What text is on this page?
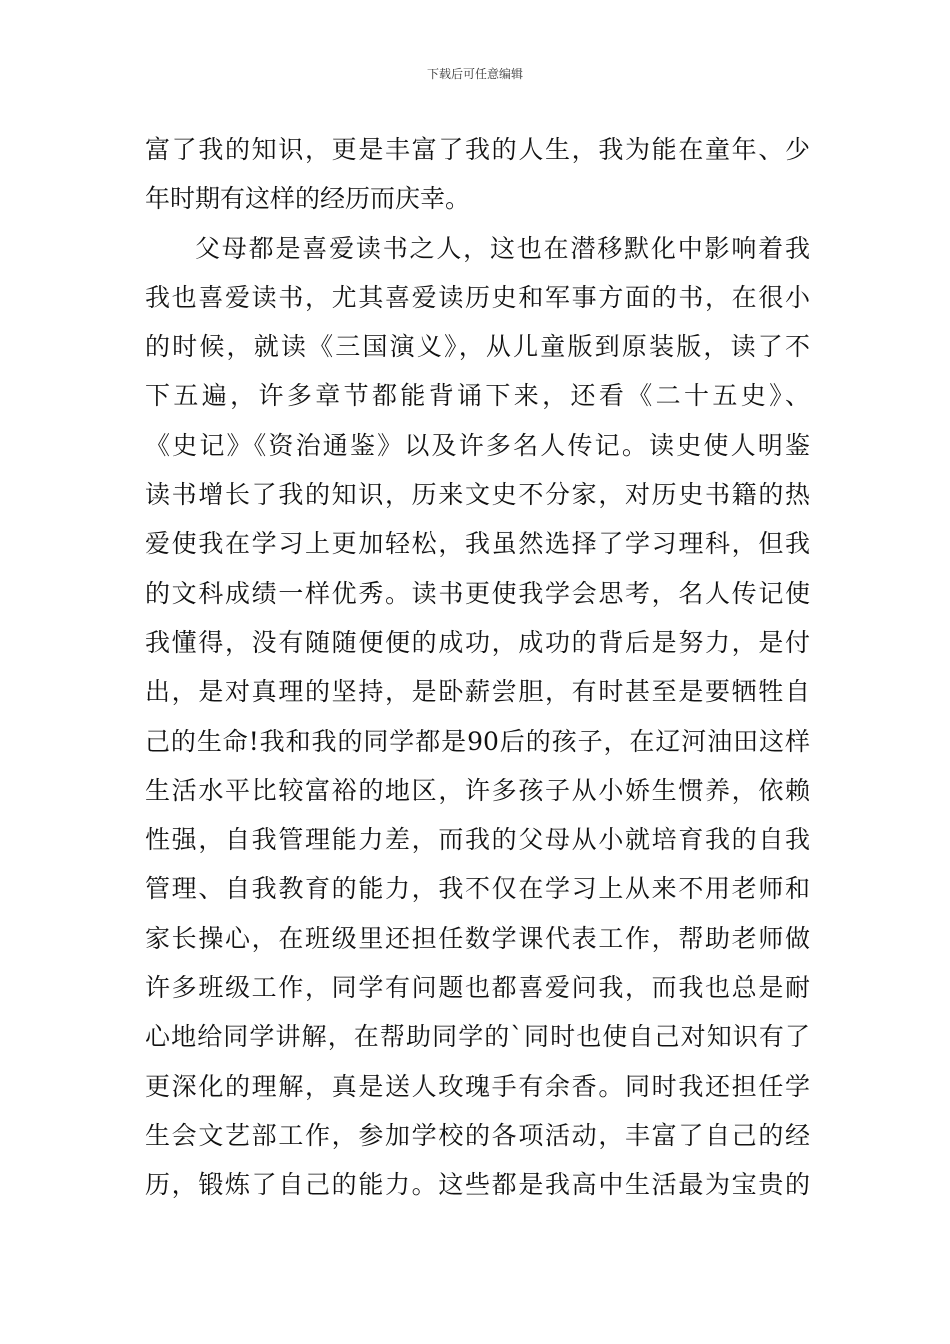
下载后可任意编辑
富了我的知识，更是丰富了我的人生，我为能在童年、少
年时期有这样的经历而庆幸。
父母都是喜爱读书之人，这也在潜移默化中影响着我
我也喜爱读书，尤其喜爱读历史和军事方面的书，在很小
的时候，就读《三国演义》，从儿童版到原装版，读了不
下五遍，许多章节都能背诵下来，还看《二十五史》、
《史记》《资治通鉴》以及许多名人传记。读史使人明鉴
读书增长了我的知识，历来文史不分家，对历史书籍的热
爱使我在学习上更加轻松，我虽然选择了学习理科，但我
的文科成绩一样优秀。读书更使我学会思考，名人传记使
我懂得，没有随随便便的成功，成功的背后是努力，是付
出，是对真理的坚持，是卧薪尝胆，有时甚至是要牺牲自
己的生命!我和我的同学都是90后的孩子，在辽河油田这样
生活水平比较富裕的地区，许多孩子从小娇生惯养，依赖
性强，自我管理能力差，而我的父母从小就培育我的自我
管理、自我教育的能力，我不仅在学习上从来不用老师和
家长操心，在班级里还担任数学课代表工作，帮助老师做
许多班级工作，同学有问题也都喜爱问我，而我也总是耐
心地给同学讲解，在帮助同学的`同时也使自己对知识有了
更深化的理解，真是送人玫瑰手有余香。同时我还担任学
生会文艺部工作，参加学校的各项活动，丰富了自己的经
历，锻炼了自己的能力。这些都是我高中生活最为宝贵的
